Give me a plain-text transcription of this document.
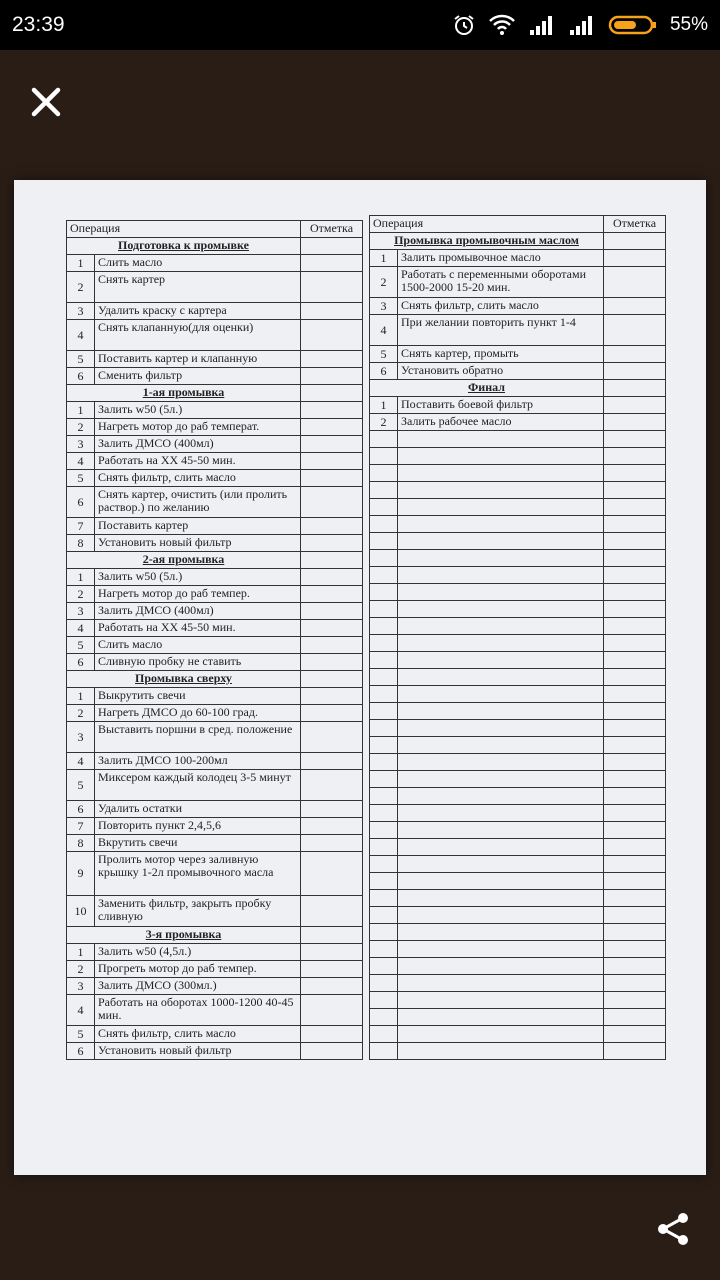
23:39	55%
Операция		Отметка
Подготовка к промывке		
1	Слить масло	
2	Снять картер	
3	Удалить краску с картера	
4	Снять клапанную(для оценки)	
5	Поставить картер и клапанную	
6	Сменить фильтр	
1-ая промывка		
1	Залить w50 (5л.)	
2	Нагреть мотор до раб температ.	
3	Залить ДМСО (400мл)	
4	Работать на ХХ 45-50 мин.	
5	Снять фильтр, слить масло	
6	Снять картер, очистить (или пролить раствор.) по желанию	
7	Поставить картер	
8	Установить новый фильтр	
2-ая промывка		
1	Залить w50 (5л.)	
2	Нагреть мотор до раб темпер.	
3	Залить ДМСО (400мл)	
4	Работать на ХХ 45-50 мин.	
5	Слить масло	
6	Сливную пробку не ставить	
Промывка сверху		
1	Выкрутить свечи	
2	Нагреть ДМСО до 60-100 град.	
3	Выставить поршни в сред. положение	
4	Залить ДМСО 100-200мл	
5	Миксером каждый колодец 3-5 минут	
6	Удалить остатки	
7	Повторить пункт 2,4,5,6	
8	Вкрутить свечи	
9	Пролить мотор через заливную крышку 1-2л промывочного масла	
10	Заменить фильтр, закрыть пробку сливную	
3-я промывка		
1	Залить w50 (4,5л.)	
2	Прогреть мотор до раб темпер.	
3	Залить ДМСО (300мл.)	
4	Работать на оборотах 1000-1200 40-45 мин.	
5	Снять фильтр, слить масло	
6	Установить новый фильтр	
Операция		Отметка
Промывка промывочным маслом		
1	Залить промывочное масло	
2	Работать с переменными оборотами 1500-2000 15-20 мин.	
3	Снять фильтр, слить масло	
4	При желании повторить пункт 1-4	
5	Снять картер, промыть	
6	Установить обратно	
Финал		
1	Поставить боевой фильтр	
2	Залить рабочее масло	
